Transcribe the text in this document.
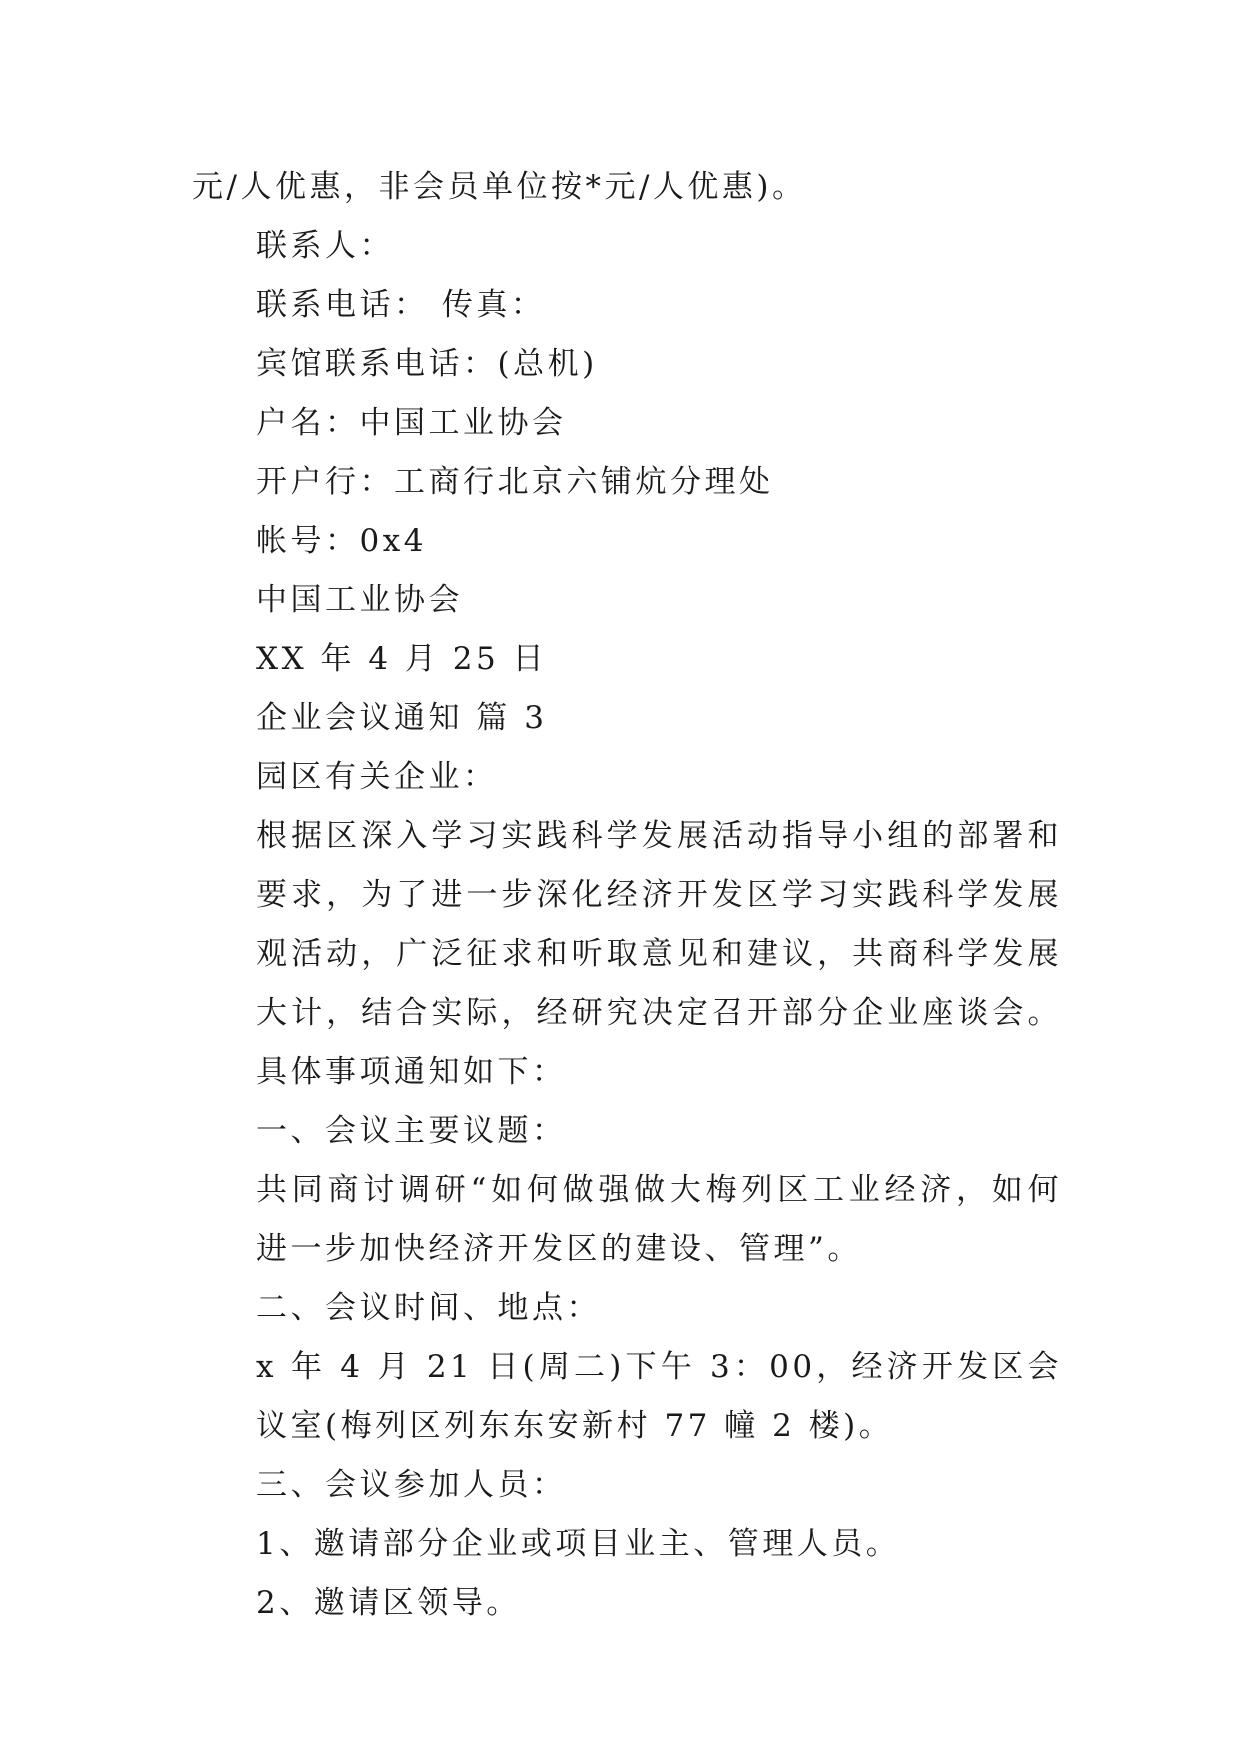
元/人优惠，非会员单位按*元/人优惠)。

联系人：

联系电话： 传真：

宾馆联系电话：(总机)

户名：中国工业协会

开户行：工商行北京六铺炕分理处

帐号：0x4

中国工业协会

XX 年 4 月 25 日

企业会议通知 篇 3

园区有关企业：

根据区深入学习实践科学发展活动指导小组的部署和要求，为了进一步深化经济开发区学习实践科学发展观活动，广泛征求和听取意见和建议，共商科学发展大计，结合实际，经研究决定召开部分企业座谈会。具体事项通知如下：

一、会议主要议题：

共同商讨调研“如何做强做大梅列区工业经济，如何进一步加快经济开发区的建设、管理”。

二、会议时间、地点：

x 年 4 月 21 日(周二)下午 3：00，经济开发区会议室(梅列区列东东安新村 77 幢 2 楼)。

三、会议参加人员：

1、邀请部分企业或项目业主、管理人员。

2、邀请区领导。
